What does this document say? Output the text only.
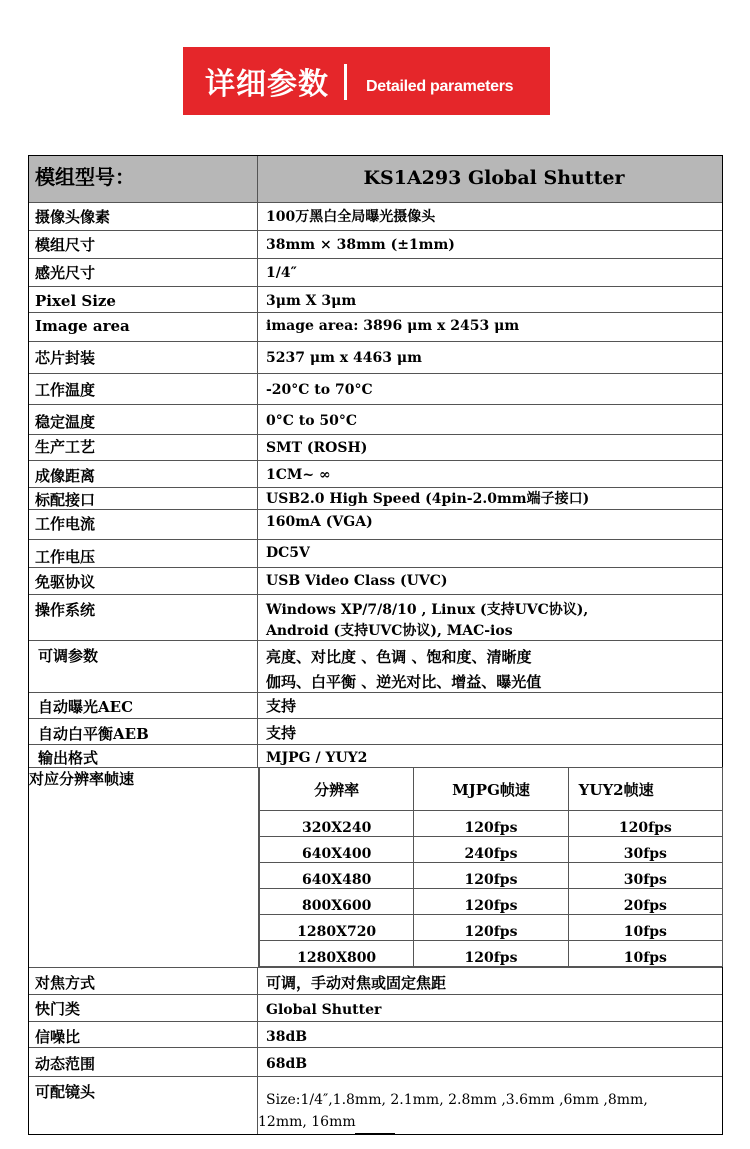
详细参数 Detailed parameters
模组型号：	KS1A293 Global Shutter
摄像头像素	100万黑白全局曝光摄像头
模组尺寸	38mm × 38mm (±1mm)
感光尺寸	1/4″
Pixel Size	3μm X 3μm
Image area	image area: 3896 μm x 2453 μm
芯片封装	5237 μm x 4463 μm
工作温度	-20°C to 70°C
稳定温度	0°C to 50°C
生产工艺	SMT (ROSH)
成像距离	1CM~ ∞
标配接口	USB2.0 High Speed (4pin-2.0mm端子接口)
工作电流	160mA (VGA)
工作电压	DC5V
免驱协议	USB Video Class (UVC)
操作系统	Windows XP/7/8/10 , Linux (支持UVC协议),
Android (支持UVC协议), MAC-ios
可调参数	亮度、对比度 、色调 、饱和度、清晰度
伽玛、白平衡 、逆光对比、增益、曝光值
自动曝光AEC	支持
自动白平衡AEB	支持
输出格式	MJPG / YUY2
对应分辨率帧速
分辨率	MJPG帧速	YUY2帧速
320X240	120fps	120fps
640X400	240fps	30fps
640X480	120fps	30fps
800X600	120fps	20fps
1280X720	120fps	10fps
1280X800	120fps	10fps
对焦方式	可调，手动对焦或固定焦距
快门类	Global Shutter
信噪比	38dB
动态范围	68dB
可配镜头	Size:1/4″,1.8mm, 2.1mm, 2.8mm ,3.6mm ,6mm ,8mm,
12mm, 16mm
